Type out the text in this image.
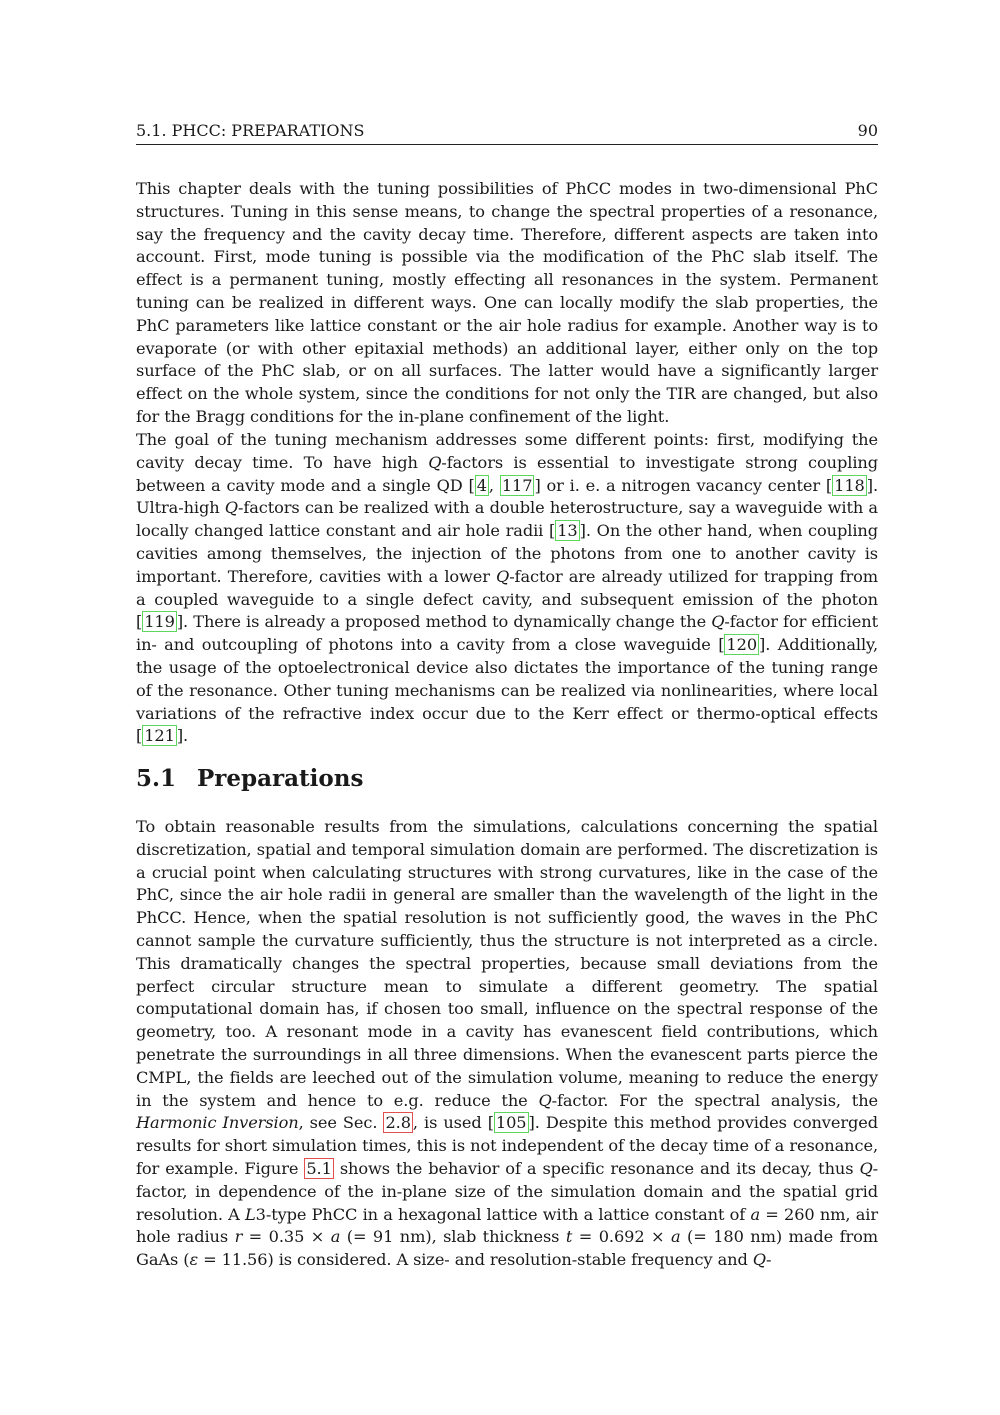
5.1. PHCC: PREPARATIONS	90

This chapter deals with the tuning possibilities of PhCC modes in two-dimensional PhC structures. Tuning in this sense means, to change the spectral properties of a resonance, say the frequency and the cavity decay time. Therefore, different aspects are taken into account. First, mode tuning is possible via the modification of the PhC slab itself. The effect is a permanent tuning, mostly effecting all resonances in the system. Permanent tuning can be realized in different ways. One can locally modify the slab properties, the PhC parameters like lattice constant or the air hole radius for example. Another way is to evaporate (or with other epitaxial methods) an additional layer, either only on the top surface of the PhC slab, or on all surfaces. The latter would have a significantly larger effect on the whole system, since the conditions for not only the TIR are changed, but also for the Bragg conditions for the in-plane confinement of the light.

The goal of the tuning mechanism addresses some different points: first, modifying the cavity decay time. To have high Q-factors is essential to investigate strong coupling between a cavity mode and a single QD [ 4 , 117 ] or i. e. a nitrogen vacancy center [ 118 ]. Ultra-high Q-factors can be realized with a double heterostructure, say a waveguide with a locally changed lattice constant and air hole radii [ 13 ]. On the other hand, when coupling cavities among themselves, the injection of the photons from one to another cavity is important. Therefore, cavities with a lower Q-factor are already utilized for trapping from a coupled waveguide to a single defect cavity, and subsequent emission of the photon [ 119 ]. There is already a proposed method to dynamically change the Q-factor for efficient in- and outcoupling of photons into a cavity from a close waveguide [ 120 ]. Additionally, the usage of the optoelectronical device also dictates the importance of the tuning range of the resonance. Other tuning mechanisms can be realized via nonlinearities, where local variations of the refractive index occur due to the Kerr effect or thermo-optical effects [ 121 ].

5.1 Preparations

To obtain reasonable results from the simulations, calculations concerning the spatial discretization, spatial and temporal simulation domain are performed. The discretization is a crucial point when calculating structures with strong curvatures, like in the case of the PhC, since the air hole radii in general are smaller than the wavelength of the light in the PhCC. Hence, when the spatial resolution is not sufficiently good, the waves in the PhC cannot sample the curvature sufficiently, thus the structure is not interpreted as a circle. This dramatically changes the spectral properties, because small deviations from the perfect circular structure mean to simulate a different geometry. The spatial computational domain has, if chosen too small, influence on the spectral response of the geometry, too. A resonant mode in a cavity has evanescent field contributions, which penetrate the surroundings in all three dimensions. When the evanescent parts pierce the CMPL, the fields are leeched out of the simulation volume, meaning to reduce the energy in the system and hence to e.g. reduce the Q-factor. For the spectral analysis, the Harmonic Inversion, see Sec. 2.8 , is used [ 105 ]. Despite this method provides converged results for short simulation times, this is not independent of the decay time of a resonance, for example. Figure 5.1 shows the behavior of a specific resonance and its decay, thus Q-factor, in dependence of the in-plane size of the simulation domain and the spatial grid resolution. A L3-type PhCC in a hexagonal lattice with a lattice constant of a = 260 nm, air hole radius r = 0.35 × a (= 91 nm), slab thickness t = 0.692 × a (= 180 nm) made from GaAs (ε = 11.56) is considered. A size- and resolution-stable frequency and Q-
